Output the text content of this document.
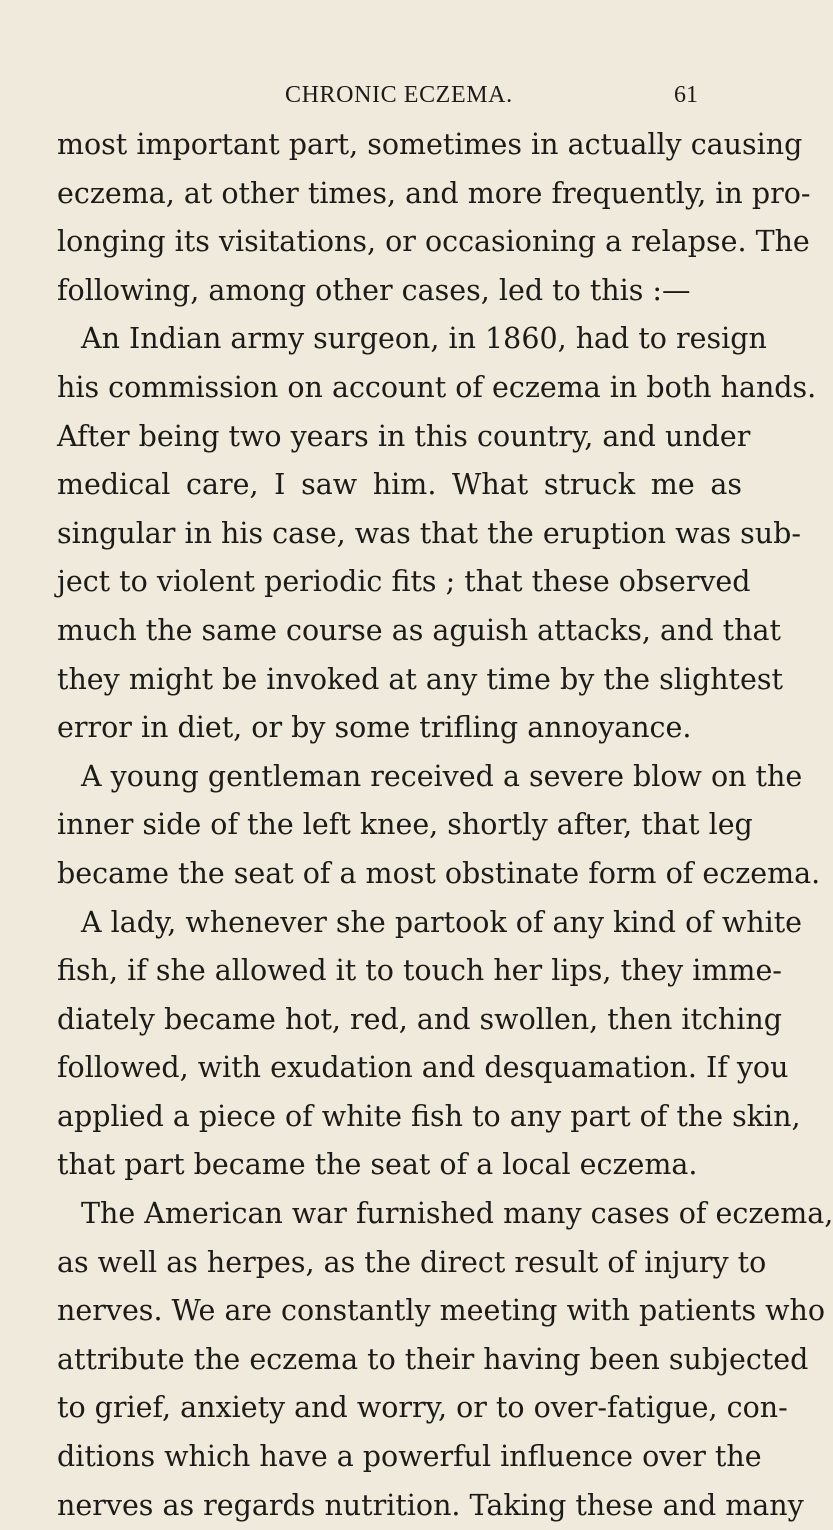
CHRONIC ECZEMA.	61
most important part, sometimes in actually causing
eczema, at other times, and more frequently, in pro-
longing its visitations, or occasioning a relapse. The
following, among other cases, led to this :—
An Indian army surgeon, in 1860, had to resign
his commission on account of eczema in both hands.
After being two years in this country, and under
medical care, I saw him. What struck me as
singular in his case, was that the eruption was sub-
ject to violent periodic fits ; that these observed
much the same course as aguish attacks, and that
they might be invoked at any time by the slightest
error in diet, or by some trifling annoyance.
A young gentleman received a severe blow on the
inner side of the left knee, shortly after, that leg
became the seat of a most obstinate form of eczema.
A lady, whenever she partook of any kind of white
fish, if she allowed it to touch her lips, they imme-
diately became hot, red, and swollen, then itching
followed, with exudation and desquamation. If you
applied a piece of white fish to any part of the skin,
that part became the seat of a local eczema.
The American war furnished many cases of eczema,
as well as herpes, as the direct result of injury to
nerves. We are constantly meeting with patients who
attribute the eczema to their having been subjected
to grief, anxiety and worry, or to over-fatigue, con-
ditions which have a powerful influence over the
nerves as regards nutrition. Taking these and many
